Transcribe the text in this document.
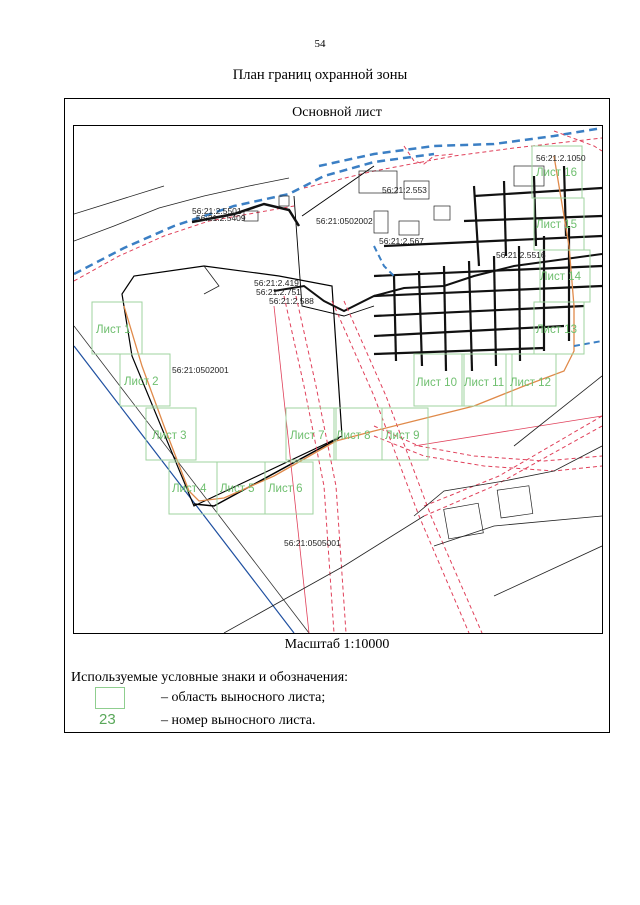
54
План границ охранной зоны
Основной лист
Лист 1
Лист 2
Лист 3
Лист 4 Лист 5 Лист 6
Лист 7 Лист 8 Лист 9
Лист 10 Лист 11 Лист 12
Лист 13
Лист 14
Лист 15
Лист 16
56:21:0502001
56:21:0502002
56:21:0505001
56:21:2.553
56:21:2.567
56:21:2.419
56:21:2.751
56:21:2.588
56:21:2.1050
56:21:2.5501
56:21:2.5409
56:21:2.5516
Масштаб 1:10000
Используемые условные знаки и обозначения:
– область выносного листа;
23	– номер выносного листа.
